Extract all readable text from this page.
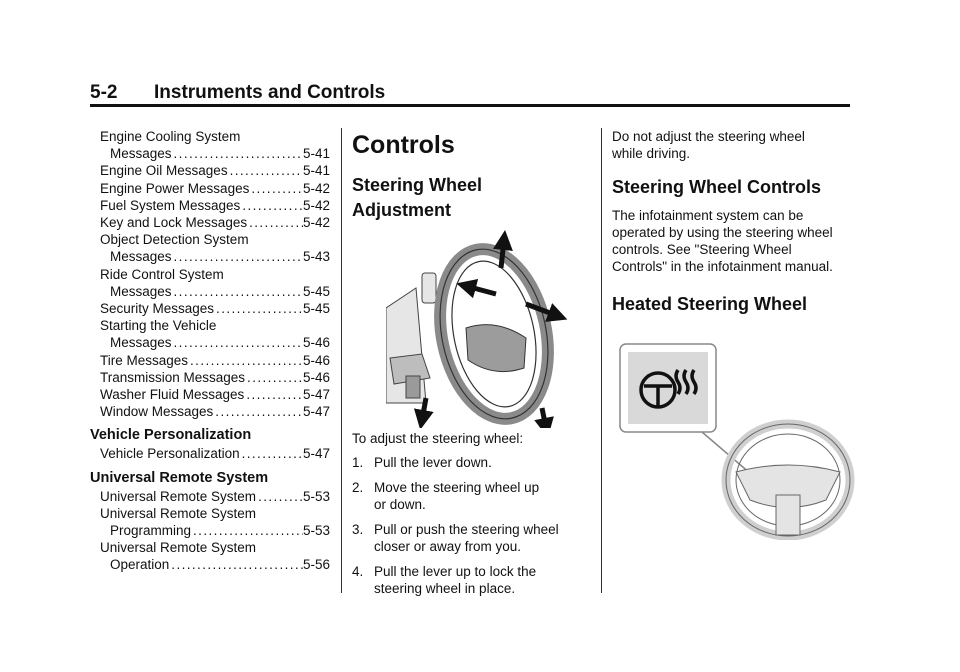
5-2 Instruments and Controls
Engine Cooling System
Messages .....	5-41
Engine Oil Messages .....	5-41
Engine Power Messages .....	5-42
Fuel System Messages .....	5-42
Key and Lock Messages .....	5-42
Object Detection System
Messages .....	5-43
Ride Control System
Messages .....	5-45
Security Messages .....	5-45
Starting the Vehicle
Messages .....	5-46
Tire Messages .....	5-46
Transmission Messages .....	5-46
Washer Fluid Messages .....	5-47
Window Messages .....	5-47
Vehicle Personalization
Vehicle Personalization .....	5-47
Universal Remote System
Universal Remote System .....	5-53
Universal Remote System
Programming .....	5-53
Universal Remote System
Operation .....	5-56
Controls
Steering Wheel
Adjustment
To adjust the steering wheel:
1. Pull the lever down.
2. Move the steering wheel up or down.
3. Pull or push the steering wheel closer or away from you.
4. Pull the lever up to lock the steering wheel in place.
Do not adjust the steering wheel while driving.
Steering Wheel Controls
The infotainment system can be operated by using the steering wheel controls. See "Steering Wheel Controls" in the infotainment manual.
Heated Steering Wheel
